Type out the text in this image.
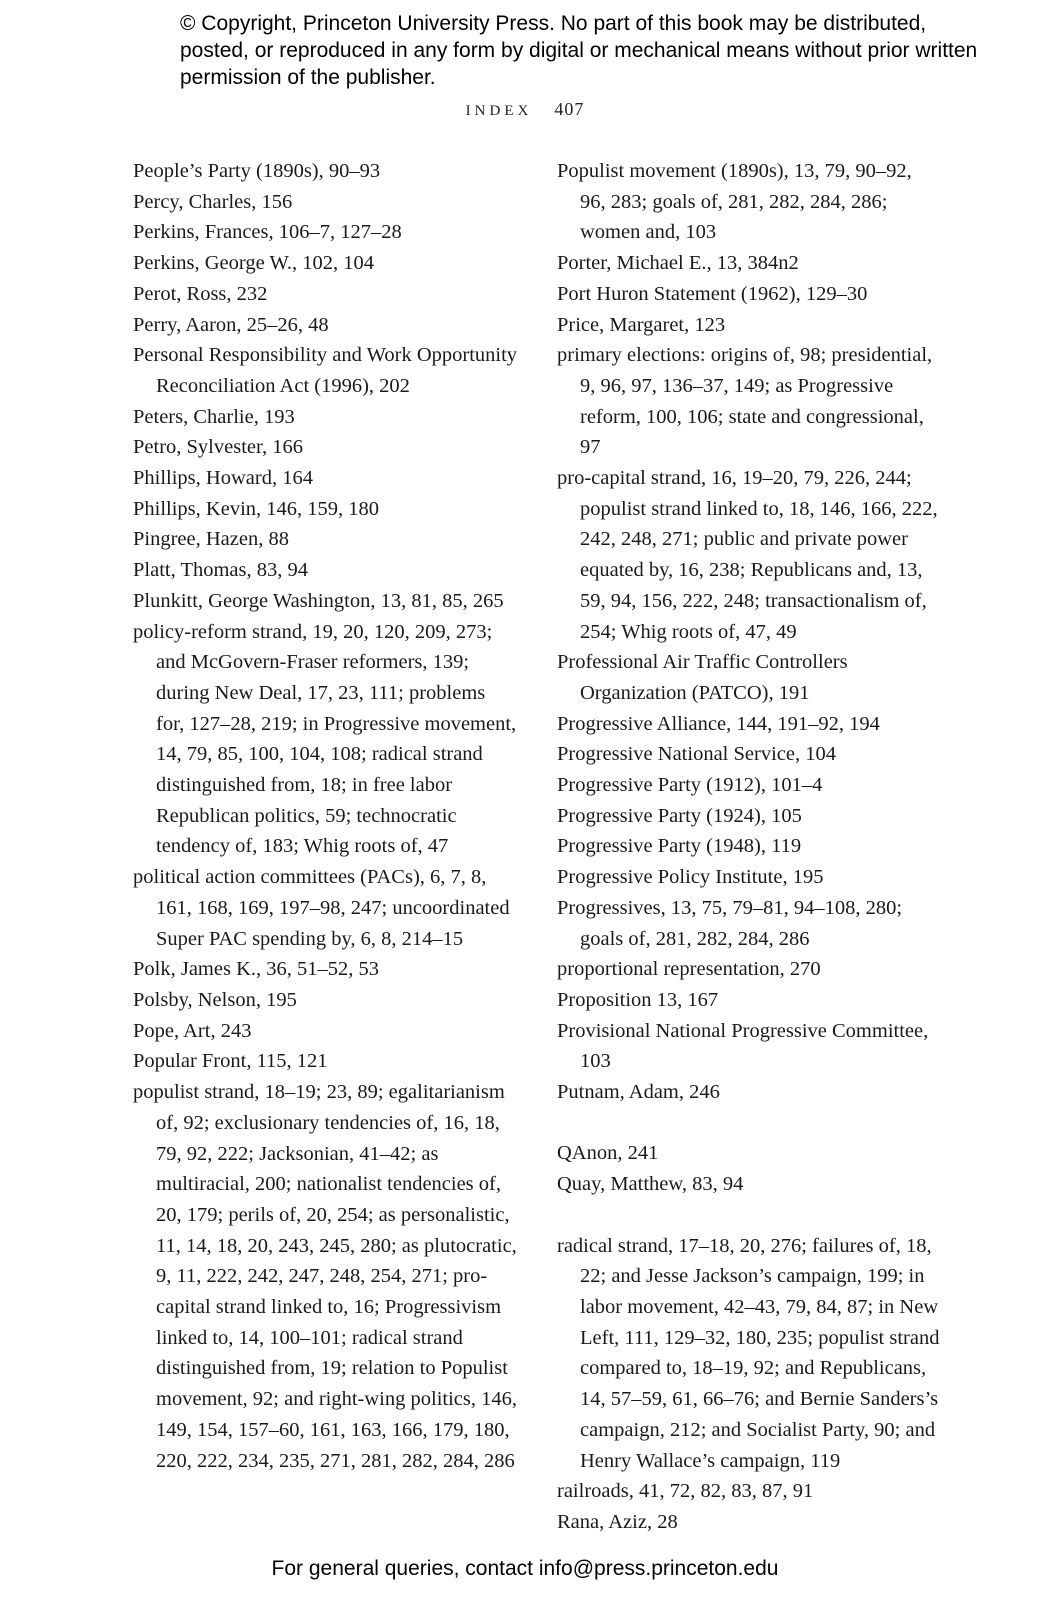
© Copyright, Princeton University Press. No part of this book may be distributed, posted, or reproduced in any form by digital or mechanical means without prior written permission of the publisher.
INDEX 407

People’s Party (1890s), 90–93

Percy, Charles, 156

Perkins, Frances, 106–7, 127–28

Perkins, George W., 102, 104

Perot, Ross, 232

Perry, Aaron, 25–26, 48

Personal Responsibility and Work Opportunity Reconciliation Act (1996), 202

Peters, Charlie, 193

Petro, Sylvester, 166

Phillips, Howard, 164

Phillips, Kevin, 146, 159, 180

Pingree, Hazen, 88

Platt, Thomas, 83, 94

Plunkitt, George Washington, 13, 81, 85, 265

policy-reform strand, 19, 20, 120, 209, 273; and McGovern-Fraser reformers, 139; during New Deal, 17, 23, 111; problems for, 127–28, 219; in Progressive movement, 14, 79, 85, 100, 104, 108; radical strand distinguished from, 18; in free labor Republican politics, 59; technocratic tendency of, 183; Whig roots of, 47

political action committees (PACs), 6, 7, 8, 161, 168, 169, 197–98, 247; uncoordinated Super PAC spending by, 6, 8, 214–15

Polk, James K., 36, 51–52, 53

Polsby, Nelson, 195

Pope, Art, 243

Popular Front, 115, 121

populist strand, 18–19; 23, 89; egalitarianism of, 92; exclusionary tendencies of, 16, 18, 79, 92, 222; Jacksonian, 41–42; as multiracial, 200; nationalist tendencies of, 20, 179; perils of, 20, 254; as personalistic, 11, 14, 18, 20, 243, 245, 280; as plutocratic, 9, 11, 222, 242, 247, 248, 254, 271; pro-capital strand linked to, 16; Progressivism linked to, 14, 100–101; radical strand distinguished from, 19; relation to Populist movement, 92; and right-wing politics, 146, 149, 154, 157–60, 161, 163, 166, 179, 180, 220, 222, 234, 235, 271, 281, 282, 284, 286

Populist movement (1890s), 13, 79, 90–92, 96, 283; goals of, 281, 282, 284, 286; women and, 103

Porter, Michael E., 13, 384n2

Port Huron Statement (1962), 129–30

Price, Margaret, 123

primary elections: origins of, 98; presidential, 9, 96, 97, 136–37, 149; as Progressive reform, 100, 106; state and congressional, 97

pro-capital strand, 16, 19–20, 79, 226, 244; populist strand linked to, 18, 146, 166, 222, 242, 248, 271; public and private power equated by, 16, 238; Republicans and, 13, 59, 94, 156, 222, 248; transactionalism of, 254; Whig roots of, 47, 49

Professional Air Traffic Controllers Organization (PATCO), 191

Progressive Alliance, 144, 191–92, 194

Progressive National Service, 104

Progressive Party (1912), 101–4

Progressive Party (1924), 105

Progressive Party (1948), 119

Progressive Policy Institute, 195

Progressives, 13, 75, 79–81, 94–108, 280; goals of, 281, 282, 284, 286

proportional representation, 270

Proposition 13, 167

Provisional National Progressive Committee, 103

Putnam, Adam, 246

QAnon, 241

Quay, Matthew, 83, 94

radical strand, 17–18, 20, 276; failures of, 18, 22; and Jesse Jackson’s campaign, 199; in labor movement, 42–43, 79, 84, 87; in New Left, 111, 129–32, 180, 235; populist strand compared to, 18–19, 92; and Republicans, 14, 57–59, 61, 66–76; and Bernie Sanders’s campaign, 212; and Socialist Party, 90; and Henry Wallace’s campaign, 119

railroads, 41, 72, 82, 83, 87, 91

Rana, Aziz, 28

For general queries, contact info@press.princeton.edu
